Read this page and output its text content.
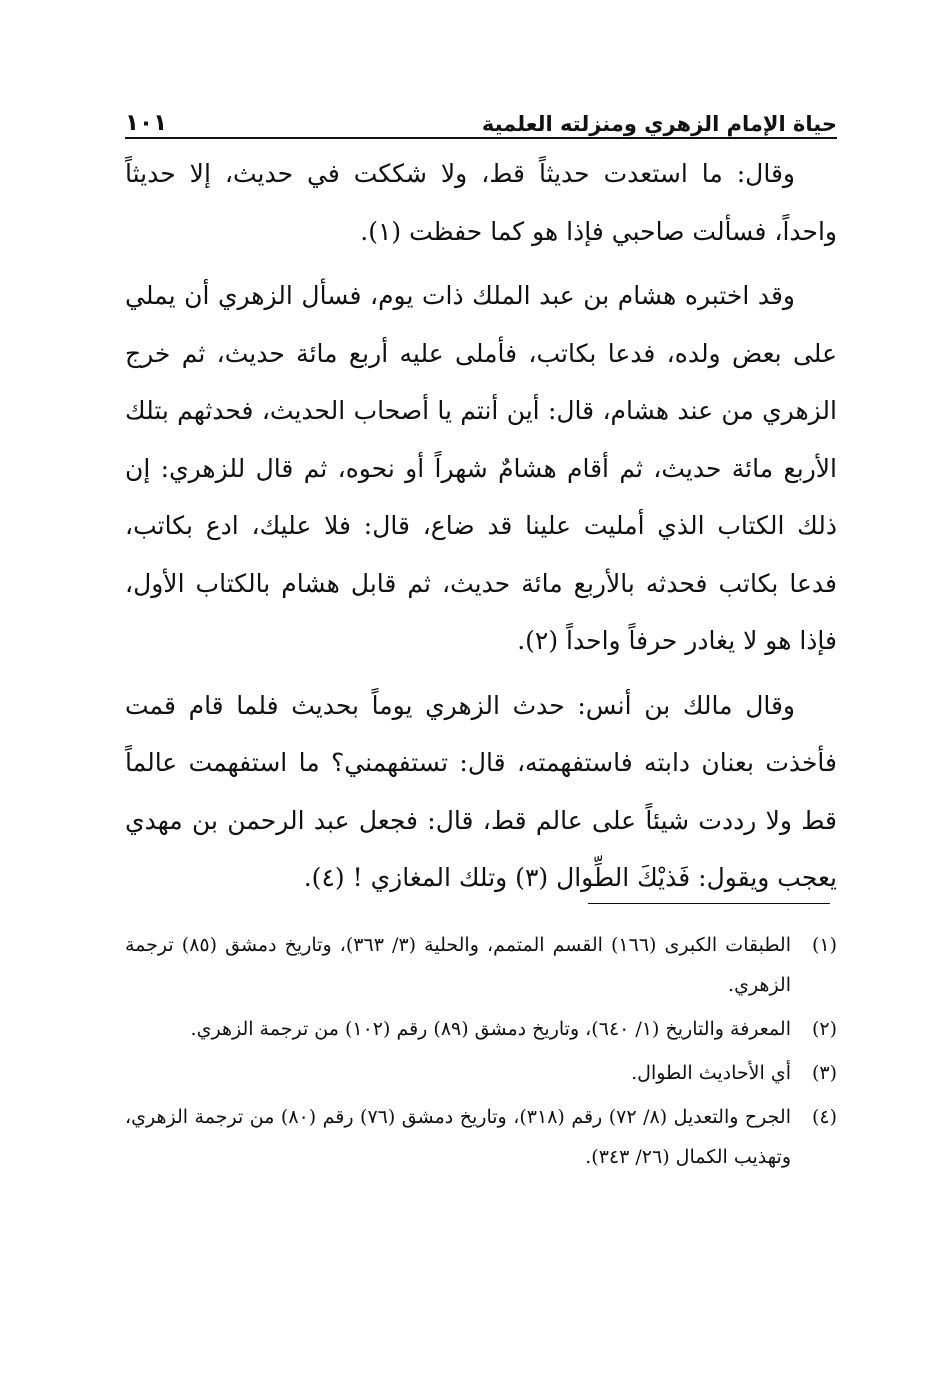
حياة الإمام الزهري ومنزلته العلمية
١٠١

وقال: ما استعدت حديثاً قط، ولا شككت في حديث، إلا حديثاً واحداً، فسألت صاحبي فإذا هو كما حفظت (١).

وقد اختبره هشام بن عبد الملك ذات يوم، فسأل الزهري أن يملي على بعض ولده، فدعا بكاتب، فأملى عليه أربع مائة حديث، ثم خرج الزهري من عند هشام، قال: أين أنتم يا أصحاب الحديث، فحدثهم بتلك الأربع مائة حديث، ثم أقام هشامٌ شهراً أو نحوه، ثم قال للزهري: إن ذلك الكتاب الذي أمليت علينا قد ضاع، قال: فلا عليك، ادع بكاتب، فدعا بكاتب فحدثه بالأربع مائة حديث، ثم قابل هشام بالكتاب الأول، فإذا هو لا يغادر حرفاً واحداً (٢).

وقال مالك بن أنس: حدث الزهري يوماً بحديث فلما قام قمت فأخذت بعنان دابته فاستفهمته، قال: تستفهمني؟ ما استفهمت عالماً قط ولا رددت شيئاً على عالم قط، قال: فجعل عبد الرحمن بن مهدي يعجب ويقول: فَذيْكَ الطِّوال (٣) وتلك المغازي ! (٤).

(١)
الطبقات الكبرى (١٦٦) القسم المتمم، والحلية (٣/ ٣٦٣)، وتاريخ دمشق (٨٥) ترجمة الزهري.
(٢)
المعرفة والتاريخ (١/ ٦٤٠)، وتاريخ دمشق (٨٩) رقم (١٠٢) من ترجمة الزهري.
(٣)
أي الأحاديث الطوال.
(٤)
الجرح والتعديل (٨/ ٧٢) رقم (٣١٨)، وتاريخ دمشق (٧٦) رقم (٨٠) من ترجمة الزهري، وتهذيب الكمال (٢٦/ ٣٤٣).
